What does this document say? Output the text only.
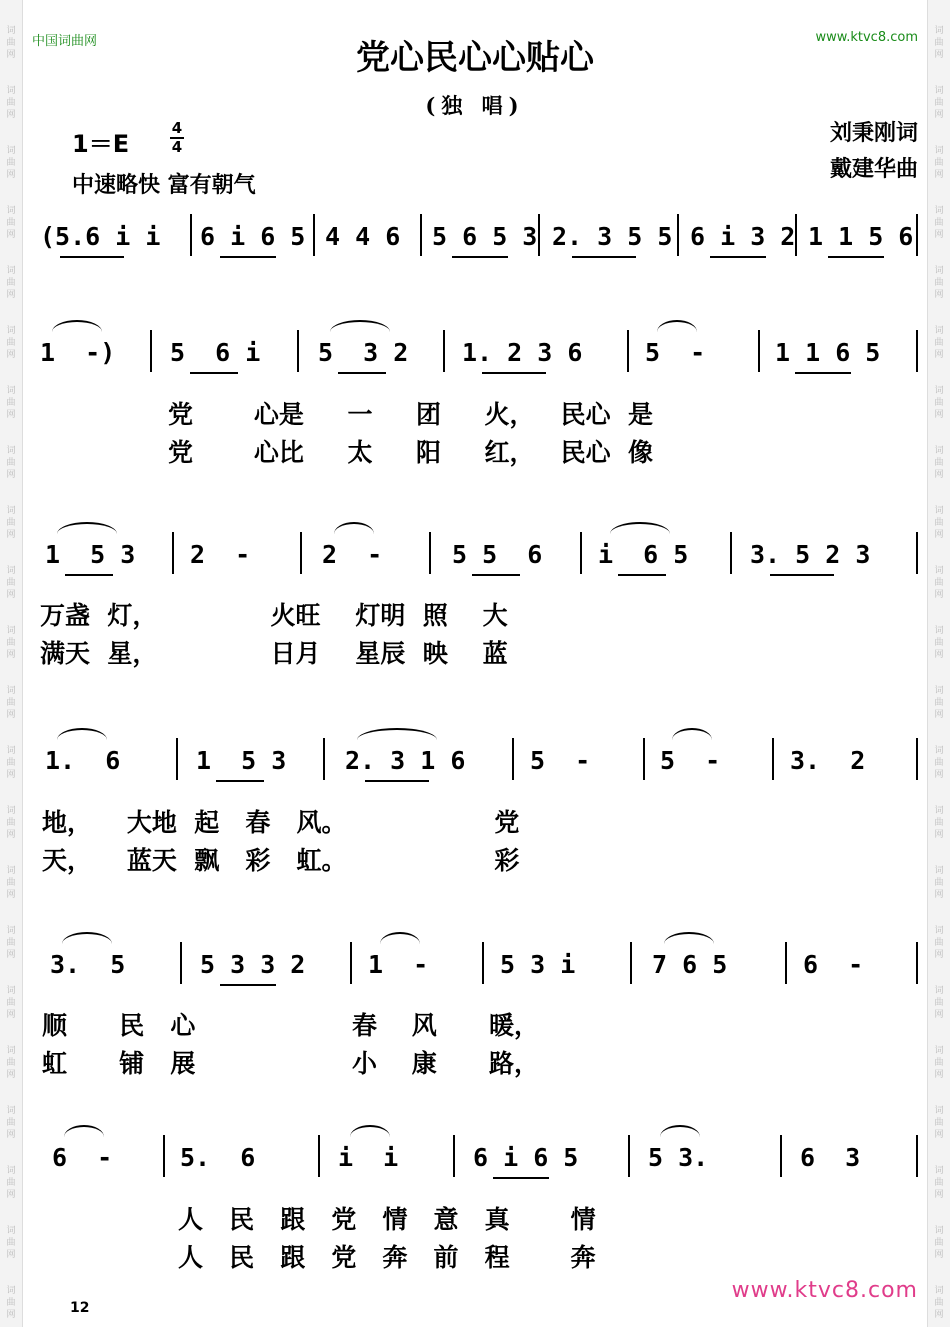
词曲网
词曲网
词曲网
词曲网
词曲网
词曲网
词曲网
词曲网
词曲网
词曲网
词曲网
词曲网
词曲网
词曲网
词曲网
词曲网
词曲网
词曲网
词曲网
词曲网
词曲网
词曲网
词曲网
词曲网
词曲网
词曲网
词曲网
词曲网
词曲网
词曲网
词曲网
词曲网
词曲网
词曲网
词曲网
词曲网
词曲网
词曲网
词曲网
词曲网
词曲网
词曲网
词曲网
词曲网
中国词曲网	www.ktvc8.com
党心民心心贴心
(独 唱)
1＝E
4
4
中速略快 富有朝气
刘秉刚词
戴建华曲
(5.6 i i 6 i 6 5 4 4 6 5 6 5 3 2. 3 5 5 6 i 3 2 1 1 5 6
1  -) 5  6 i 5  3 2 1. 2 3 6	5  -	1 1 6 5
党       心是     一     团     火，   民心  是
党       心比     太     阳     红，   民心  像
1  5 3 2  -	2  -	5 5  6 i  6 5 3. 5 2 3
万盏  灯，             火旺    灯明  照    大
满天  星，             日月    星辰  映    蓝
1.  6	1  5 3 2. 3 1 6	5  -	5  -	3.  2
地，    大地  起   春   风。                 党
天，    蓝天  飘   彩   虹。                 彩
3.  5	5 3 3 2	1  -	5 3 i	7 6 5	6  -
顺      民   心                  春    风      暖，
虹      铺   展                  小    康      路，
6  -	5.  6	i  i	6 i 6 5	5 3.	6  3
人   民   跟   党   情   意   真       情
人   民   跟   党   奔   前   程       奔
www.ktvc8.com
12
